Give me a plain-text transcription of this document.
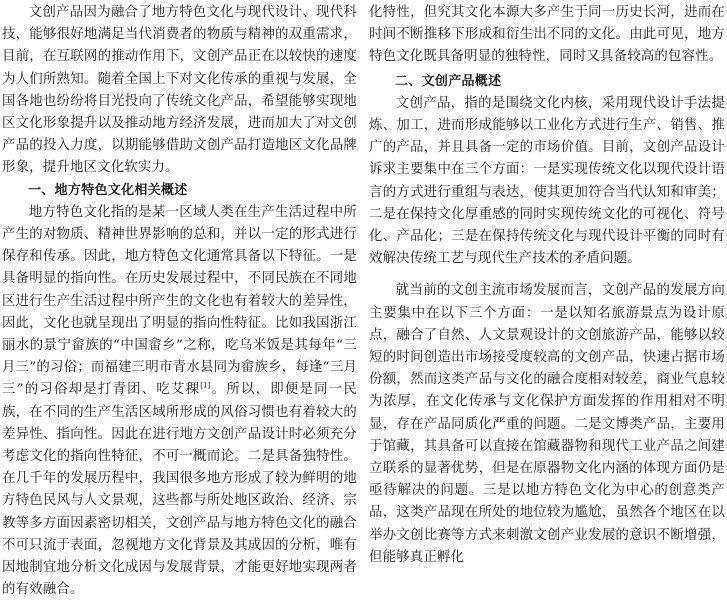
文创产品因为融合了地方特色文化与现代设计、现代科技，能够很好地满足当代消费者的物质与精神的双重需求，目前，在互联网的推动作用下，文创产品正在以较快的速度为人们所熟知。随着全国上下对文化传承的重视与发展，全国各地也纷纷将目光投向了传统文化产品，希望能够实现地区文化形象提升以及推动地方经济发展，进而加大了对文创产品的投入力度，以期能够借助文创产品打造地区文化品牌形象，提升地区文化软实力。

一、地方特色文化相关概述

地方特色文化指的是某一区域人类在生产生活过程中所产生的对物质、精神世界影响的总和，并以一定的形式进行保存和传承。因此，地方特色文化通常具备以下特征。一是具备明显的指向性。在历史发展过程中，不同民族在不同地区进行生产生活过程中所产生的文化也有着较大的差异性，因此，文化也就呈现出了明显的指向性特征。比如我国浙江丽水的景宁畲族的“中国畲乡”之称，吃乌米饭是其每年“三月三”的习俗；而福建三明市青水县同为畲族乡，每逢“三月三”的习俗却是打青团、吃艾稞[1]。所以，即便是同一民族，在不同的生产生活区域所形成的风俗习惯也有着较大的差异性、指向性。因此在进行地方文创产品设计时必须充分考虑文化的指向性特征，不可一概而论。二是具备独特性。在几千年的发展历程中，我国很多地方形成了较为鲜明的地方特色民风与人文景观，这些都与所处地区政治、经济、宗教等多方面因素密切相关，文创产品与地方特色文化的融合不可只流于表面，忽视地方文化背景及其成因的分析，唯有因地制宜地分析文化成因与发展背景，才能更好地实现两者的有效融合。

化特性，但究其文化本源大多产生于同一历史长河，进而在时间不断推移下形成和衍生出不同的文化。由此可见，地方特色文化既具备明显的独特性，同时又具备较高的包容性。

二、文创产品概述

文创产品，指的是围绕文化内核，采用现代设计手法提炼、加工，进而形成能够以工业化方式进行生产、销售、推广的产品，并且具备一定的市场价值。目前，文创产品设计诉求主要集中在三个方面：一是实现传统文化以现代设计语言的方式进行重组与表达，使其更加符合当代认知和审美；二是在保持文化厚重感的同时实现传统文化的可视化、符号化、产品化；三是在保持传统文化与现代设计平衡的同时有效解决传统工艺与现代生产技术的矛盾问题。

就当前的文创主流市场发展而言，文创产品的发展方向主要集中在以下三个方面：一是以知名旅游景点为设计原点，融合了自然、人文景观设计的文创旅游产品，能够以较短的时间创造出市场接受度较高的文创产品，快速占据市场份额，然而这类产品与文化的融合度相对较差，商业气息较为浓厚，在文化传承与文化保护方面发挥的作用相对不明显，存在产品同质化严重的问题。二是文博类产品，主要用于馆藏，其具备可以直接在馆藏器物和现代工业产品之间建立联系的显著优势，但是在原器物文化内涵的体现方面仍是亟待解决的问题。三是以地方特色文化为中心的创意类产品，这类产品现在所处的地位较为尴尬，虽然各个地区在以举办文创比赛等方式来刺激文创产业发展的意识不断增强，但能够真正孵化
